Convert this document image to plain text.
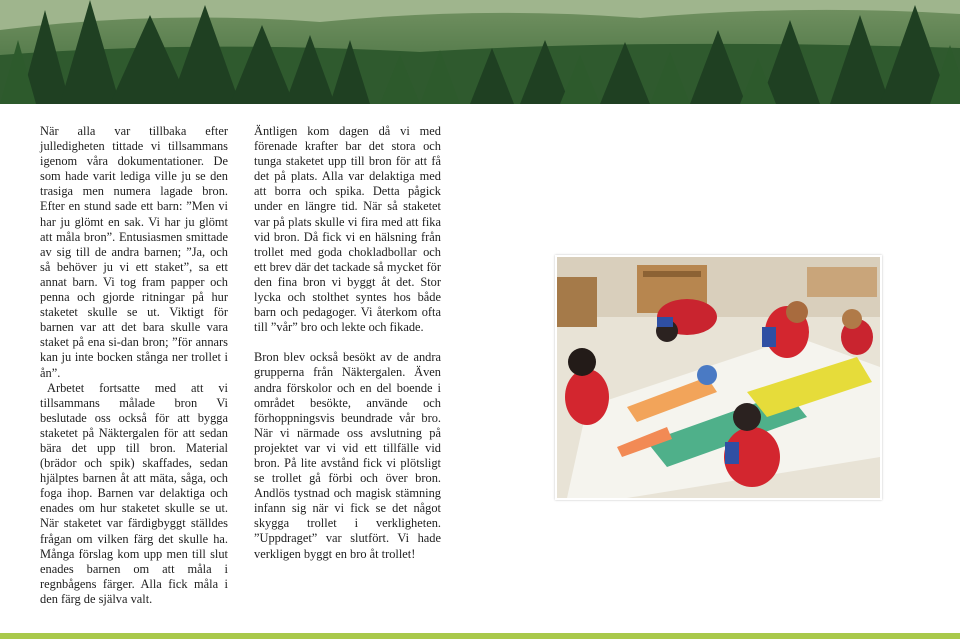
När alla var tillbaka efter julledigheten tittade vi tillsammans igenom våra dokumentationer. De som hade varit lediga ville ju se den trasiga men numera lagade bron. Efter en stund sade ett barn: ”Men vi har ju glömt en sak. Vi har ju glömt att måla bron”. Entusiasmen smittade av sig till de andra barnen; ”Ja, och så behöver ju vi ett staket”, sa ett annat barn. Vi tog fram papper och penna och gjorde ritningar på hur staketet skulle se ut. Viktigt för barnen var att det bara skulle vara staket på ena si-dan bron; ”för annars kan ju inte bocken stånga ner trollet i ån”.

Arbetet fortsatte med att vi tillsammans målade bron Vi beslutade oss också för att bygga staketet på Näktergalen för att sedan bära det upp till bron. Material (brädor och spik) skaffades, sedan hjälptes barnen åt att mäta, såga, och foga ihop. Barnen var delaktiga och enades om hur staketet skulle se ut. När staketet var färdigbyggt ställdes frågan om vilken färg det skulle ha. Många förslag kom upp men till slut enades barnen om att måla i regnbågens färger. Alla fick måla i den färg de själva valt.

Äntligen kom dagen då vi med förenade krafter bar det stora och tunga staketet upp till bron för att få det på plats. Alla var delaktiga med att borra och spika. Detta pågick under en längre tid. När så staketet var på plats skulle vi fira med att fika vid bron. Då fick vi en hälsning från trollet med goda chokladbollar och ett brev där det tackade så mycket för den fina bron vi byggt åt det. Stor lycka och stolthet syntes hos både barn och pedagoger. Vi återkom ofta till ”vår” bro och lekte och fikade.

Bron blev också besökt av de andra grupperna från Näktergalen. Även andra förskolor och en del boende i området besökte, använde och förhoppningsvis beundrade vår bro. När vi närmade oss avslutning på projektet var vi vid ett tillfälle vid bron. På lite avstånd fick vi plötsligt se trollet gå förbi och över bron. Andlös tystnad och magisk stämning infann sig när vi fick se det något skygga trollet i verkligheten. ”Uppdraget” var slutfört. Vi hade verkligen byggt en bro åt trollet!
